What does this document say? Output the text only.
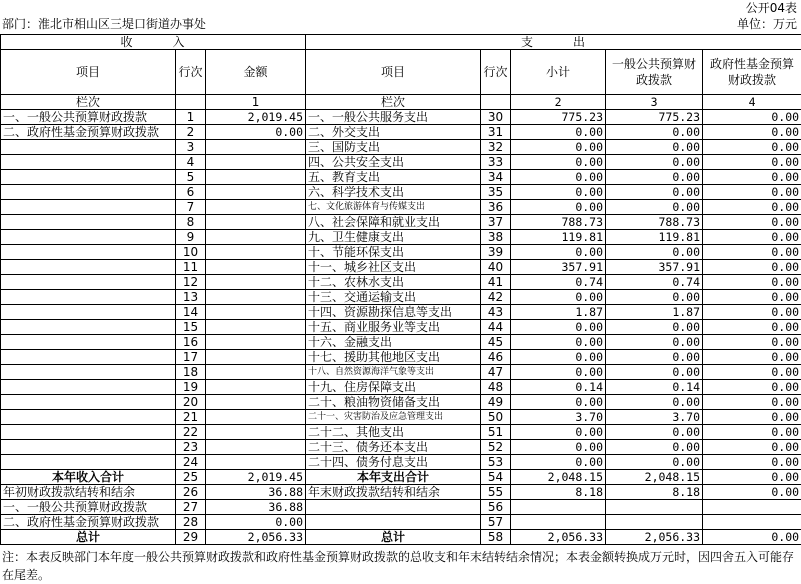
公开04表
部门：淮北市相山区三堤口街道办事处	单位：万元
收　　　入			支　　　出				
项目	行次	金额	项目	行次	小计	一般公共预算财政拨款	政府性基金预算财政拨款
栏次		1	栏次		2	3	4
一、一般公共预算财政拨款	1	2,019.45	一、一般公共服务支出	30	775.23	775.23	0.00
二、政府性基金预算财政拨款	2	0.00	二、外交支出	31	0.00	0.00	0.00
	3		三、国防支出	32	0.00	0.00	0.00
	4		四、公共安全支出	33	0.00	0.00	0.00
	5		五、教育支出	34	0.00	0.00	0.00
	6		六、科学技术支出	35	0.00	0.00	0.00
	7		七、文化旅游体育与传媒支出	36	0.00	0.00	0.00
	8		八、社会保障和就业支出	37	788.73	788.73	0.00
	9		九、卫生健康支出	38	119.81	119.81	0.00
	10		十、节能环保支出	39	0.00	0.00	0.00
	11		十一、城乡社区支出	40	357.91	357.91	0.00
	12		十二、农林水支出	41	0.74	0.74	0.00
	13		十三、交通运输支出	42	0.00	0.00	0.00
	14		十四、资源勘探信息等支出	43	1.87	1.87	0.00
	15		十五、商业服务业等支出	44	0.00	0.00	0.00
	16		十六、金融支出	45	0.00	0.00	0.00
	17		十七、援助其他地区支出	46	0.00	0.00	0.00
	18		十八、自然资源海洋气象等支出	47	0.00	0.00	0.00
	19		十九、住房保障支出	48	0.14	0.14	0.00
	20		二十、粮油物资储备支出	49	0.00	0.00	0.00
	21		二十一、灾害防治及应急管理支出	50	3.70	3.70	0.00
	22		二十二、其他支出	51	0.00	0.00	0.00
	23		二十三、债务还本支出	52	0.00	0.00	0.00
	24		二十四、债务付息支出	53	0.00	0.00	0.00
本年收入合计	25	2,019.45	本年支出合计	54	2,048.15	2,048.15	0.00
年初财政拨款结转和结余	26	36.88	年末财政拨款结转和结余	55	8.18	8.18	0.00
一、一般公共预算财政拨款	27	36.88		56			
二、政府性基金预算财政拨款	28	0.00		57			
总计	29	2,056.33	总计	58	2,056.33	2,056.33	0.00
注：本表反映部门本年度一般公共预算财政拨款和政府性基金预算财政拨款的总收支和年末结转结余情况；本表金额转换成万元时，因四舍五入可能存在尾差。
